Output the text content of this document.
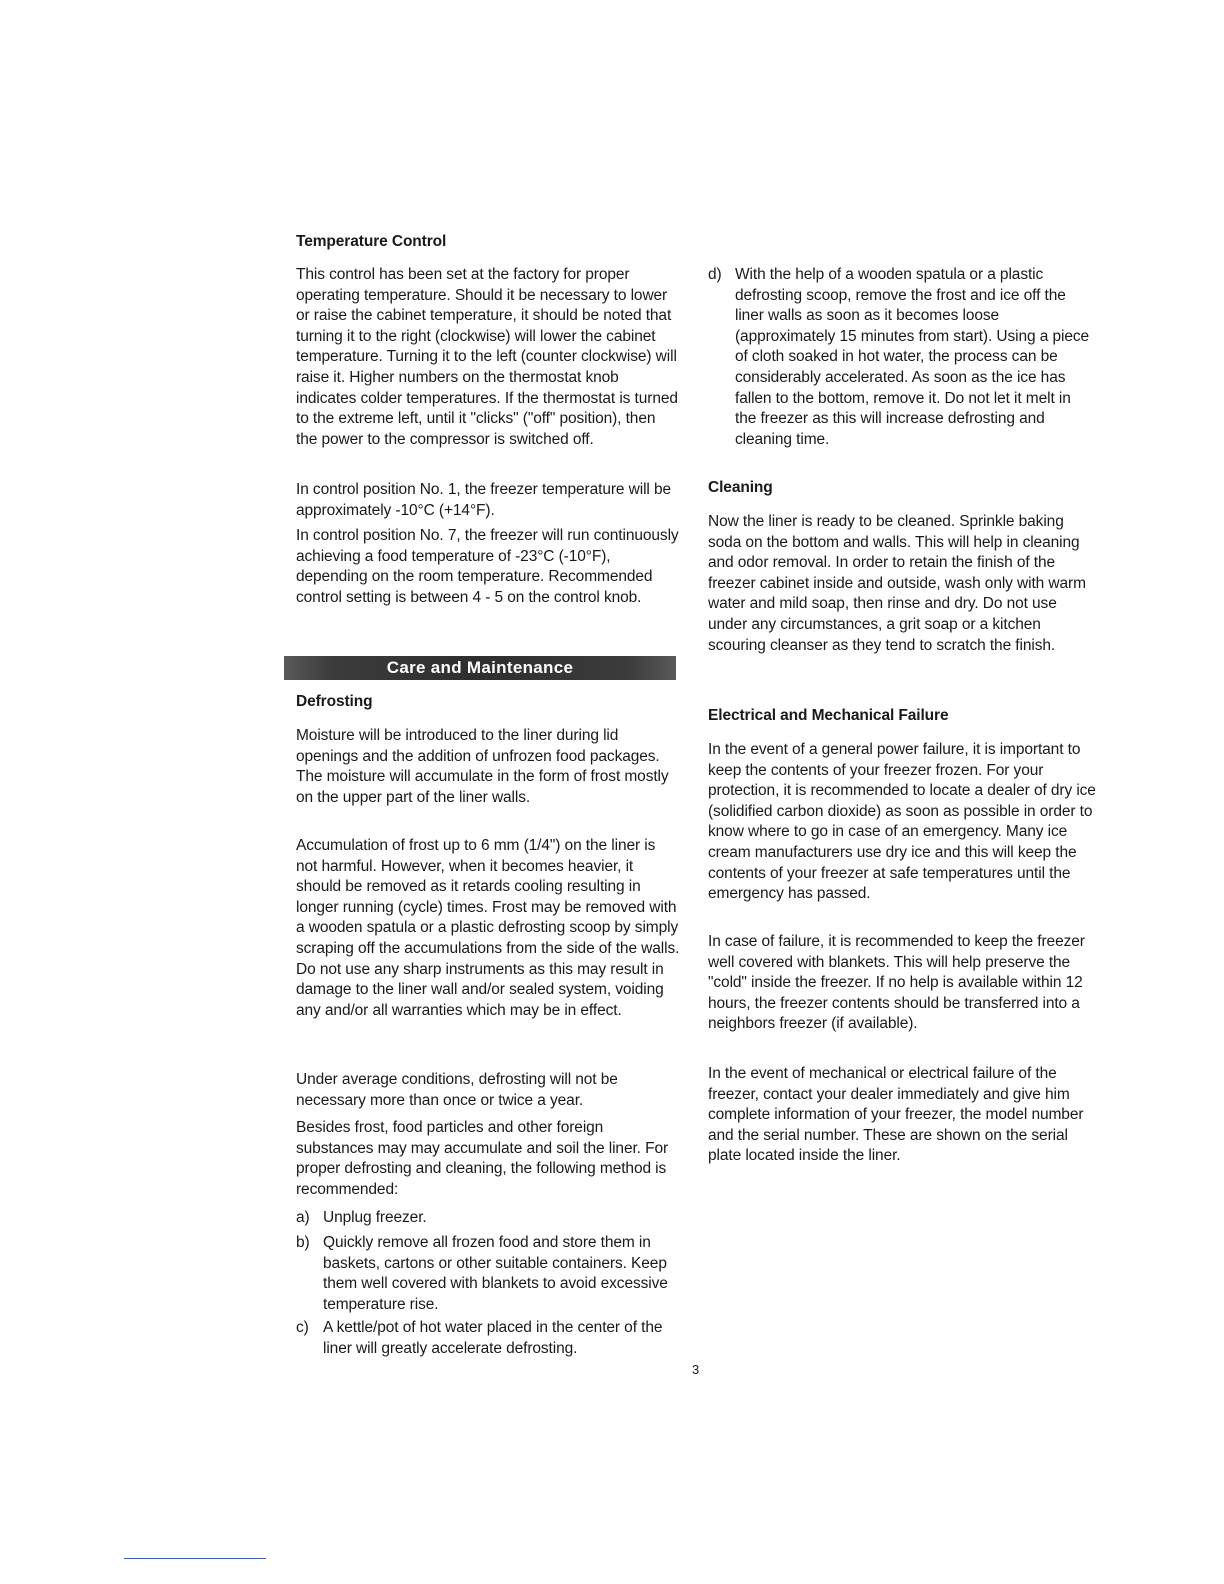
Temperature Control

This control has been set at the factory for proper operating temperature. Should it be necessary to lower or raise the cabinet temperature, it should be noted that turning it to the right (clockwise) will lower the cabinet temperature. Turning it to the left (counter clockwise) will raise it. Higher numbers on the thermostat knob indicates colder temperatures. If the thermostat is turned to the extreme left, until it "clicks" ("off" position), then the power to the compressor is switched off.

In control position No. 1, the freezer temperature will be approximately -10°C (+14°F).

In control position No. 7, the freezer will run continuously achieving a food temperature of -23°C (-10°F), depending on the room temperature. Recommended control setting is between 4 - 5 on the control knob.

Defrosting

Moisture will be introduced to the liner during lid openings and the addition of unfrozen food packages. The moisture will accumulate in the form of frost mostly on the upper part of the liner walls.

Accumulation of frost up to 6 mm (1/4") on the liner is not harmful. However, when it becomes heavier, it should be removed as it retards cooling resulting in longer running (cycle) times. Frost may be removed with a wooden spatula or a plastic defrosting scoop by simply scraping off the accumulations from the side of the walls. Do not use any sharp instruments as this may result in damage to the liner wall and/or sealed system, voiding any and/or all warranties which may be in effect.

Under average conditions, defrosting will not be necessary more than once or twice a year.

Besides frost, food particles and other foreign substances may may accumulate and soil the liner. For proper defrosting and cleaning, the following method is recommended:

a) Unplug freezer.
b) Quickly remove all frozen food and store them in baskets, cartons or other suitable containers. Keep them well covered with blankets to avoid excessive temperature rise.
c) A kettle/pot of hot water placed in the center of the liner will greatly accelerate defrosting.
Care and Maintenance
d) With the help of a wooden spatula or a plastic defrosting scoop, remove the frost and ice off the liner walls as soon as it becomes loose (approximately 15 minutes from start). Using a piece of cloth soaked in hot water, the process can be considerably accelerated. As soon as the ice has fallen to the bottom, remove it. Do not let it melt in the freezer as this will increase defrosting and cleaning time.
Cleaning

Now the liner is ready to be cleaned. Sprinkle baking soda on the bottom and walls. This will help in cleaning and odor removal. In order to retain the finish of the freezer cabinet inside and outside, wash only with warm water and mild soap, then rinse and dry. Do not use under any circumstances, a grit soap or a kitchen scouring cleanser as they tend to scratch the finish.

Electrical and Mechanical Failure

In the event of a general power failure, it is important to keep the contents of your freezer frozen. For your protection, it is recommended to locate a dealer of dry ice (solidified carbon dioxide) as soon as possible in order to know where to go in case of an emergency. Many ice cream manufacturers use dry ice and this will keep the contents of your freezer at safe temperatures until the emergency has passed.

In case of failure, it is recommended to keep the freezer well covered with blankets. This will help preserve the "cold" inside the freezer. If no help is available within 12 hours, the freezer contents should be transferred into a neighbors freezer (if available).

In the event of mechanical or electrical failure of the freezer, contact your dealer immediately and give him complete information of your freezer, the model number and the serial number. These are shown on the serial plate located inside the liner.

3
